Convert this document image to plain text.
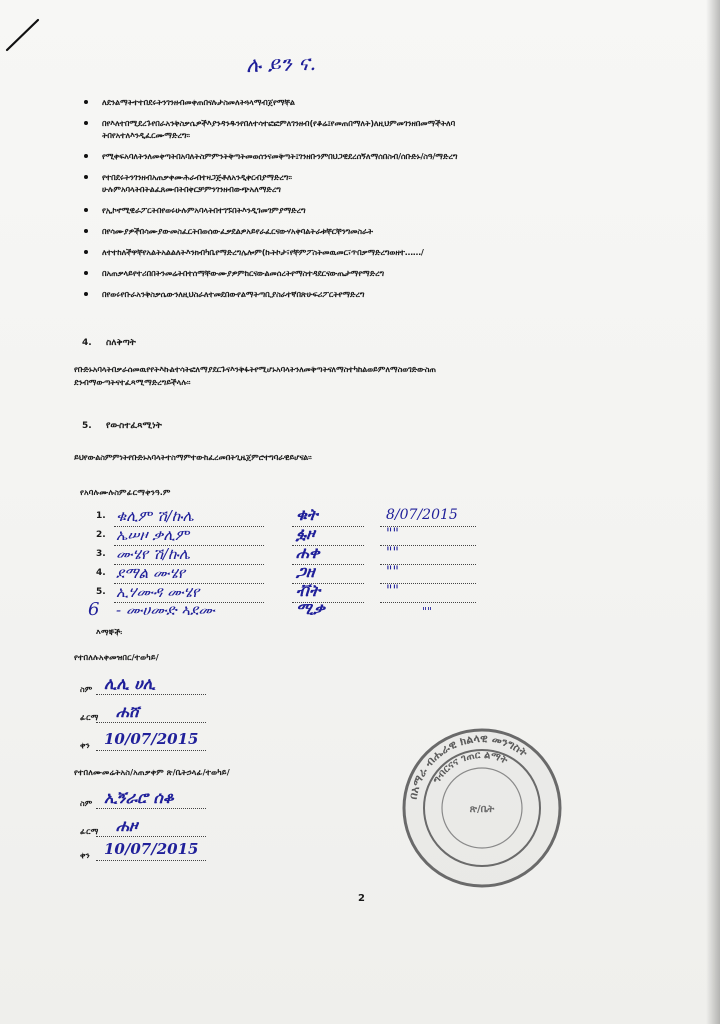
ሉ ይን ና.
ለደንልማትተተበደሩትንገንዘብመቀጠበናሉታስመለትጓላማብጀየማቸል
በየእለተበሚደረጉየበራአንቅስቃሴዎችእያንዳንዱንየበለተሳተፎፎምለገንዘብ(የቆሬ፤የመጠበማለት)ለዚህምመገንዘበመማችትለባ
ትበየአተለእንዲፈርሙማድረግ፡፡
የሚቀፍአባለትንለመቀጣትበአባለትስምምንትቅጣትመወሰንናመቅጣት፤ገንዘቡንምበህጋዊደረሰኝለማሰበስብ/ሰቡድኑ/ስዓ/ማድረግ
የተበደሩትንገንዘብአጠቃቀሙሕራብተዛጋጅቶለአንዲቀርብያማድረግ፡፡
ሁሉምአባላትበትልፈጸሙበትበቀርቻምንገንዘብውጭአለማድረግ
የኢኮኖሚዊራፖርትበየወሩሁሉምአባላትበተገኙበትእንዲገመገምያማድረግ
በየሳሙያዎችበሳሙያውመስፈርትበወሰውፈቃደልዎአይየራፈርናውሃአቀባልትራቱቸርቸንግመስራት
ለተተከለችዋቸየአልትአልልለትእንክብካቤየማድረግሌሎም(ኩትኮታ፣የቸምፖስትመዉመር፣ጥበቃማድረግወዘተ……/
በአጠቃላይየተሪበበትንመሬትበተሰማቸውሙያዎምከርናውልመሰረትየማስተዳደርናውጤታማየማድረግ
በየወሩየቡራአንቅስቃሴውንለዚህስራለተመደበውየልማትጣቢያስራተኛበጽሁፍሪፖርትየማድረግ
4. ስለቅጣት
የቡድኑአባላትበቃራሰመዉየየትእኩልተሳትፎለማያደርጉናእንቅፋትየሚሆኑአባላትንለመቅጣትናለማስተካከልወይምለማስወገድውስጠ
ደንብማውጣትናተፈጻሚማድረግይችላሉ፡፡
5. የውስተፈጻሚነት
ይህየውልስምምነትየቡድኑአባላትተስማምተውከፈረመበትጊዜጀምሮተግባራዊይሆናል፡፡
የአባሉሙሉስምፊርማቀንዓ.ም
1. ቁሊም ሽ/ኩሌ	ቁት	8/07/2015
2. ኤሠዞ ቃሊም	ፏዞ	""
3. ሙሄየ ሽ/ኩሌ	ሐቀ	""
4. ደማል ሙሄየ	ጋዘ	""
5. ኢሃሙዳ ሙሄየ	ቭት	""
6 - ሙሀሙድ ኣደሙ	ሚቃ	""
እማኞች፡
የተበለሉአቀመዝበር/ተወካይ/
ስም ሊሊ ሀሊ
ፊርማ ሐሸ
ቀን 10/07/2015
የተበለሙመሬትአስ/አጠቃቀም ጽ/ቤትኃላፊ/ተወካይ/
ስም ኢኝራሮ ሰቆ
ፊርማ ሐዞ
ቀን 10/07/2015
በአማራ ብሔራዊ ክልላዊ መንግስት
ግብርናና ገጠር ልማት
ጽ/ቤት
2
